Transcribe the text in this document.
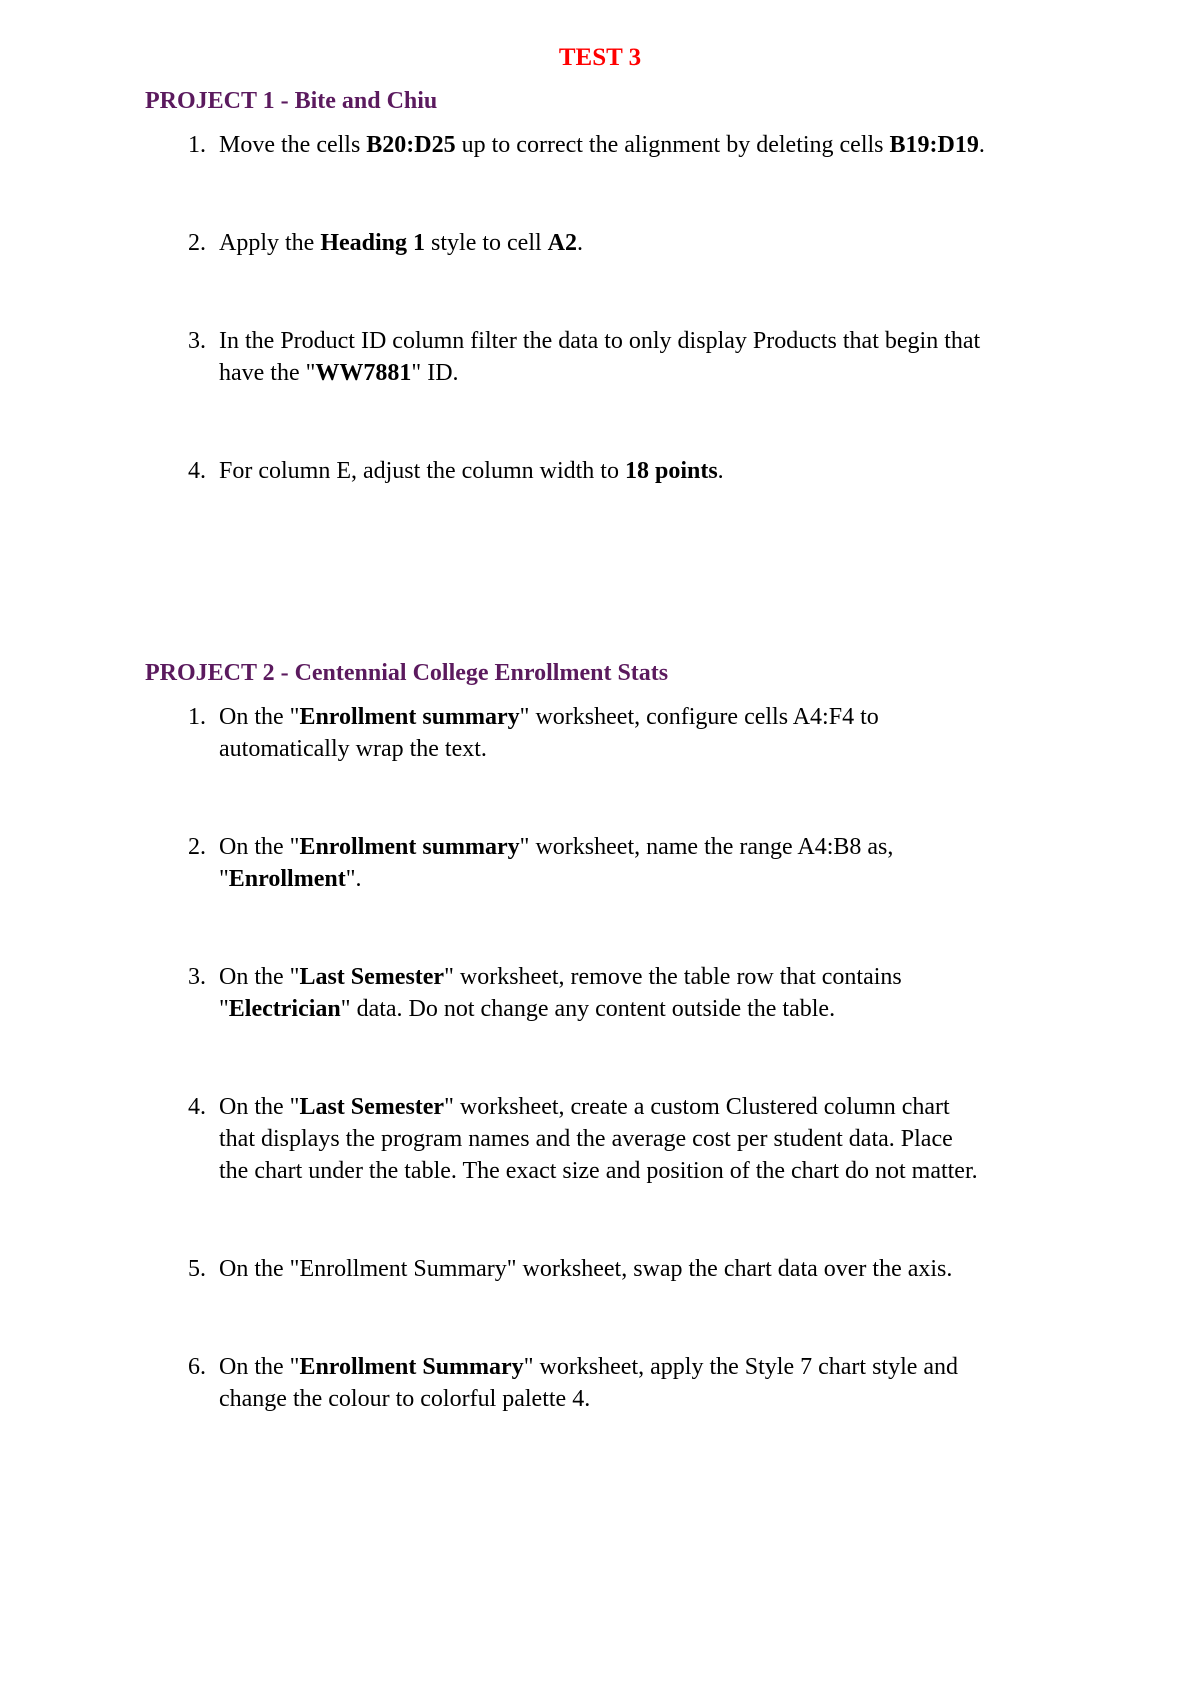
TEST 3
PROJECT 1 - Bite and Chiu
1. Move the cells B20:D25 up to correct the alignment by deleting cells B19:D19.
2. Apply the Heading 1 style to cell A2.
3. In the Product ID column filter the data to only display Products that begin that
have the "WW7881" ID.
4. For column E, adjust the column width to 18 points.
PROJECT 2 - Centennial College Enrollment Stats
1. On the "Enrollment summary" worksheet, configure cells A4:F4 to
automatically wrap the text.
2. On the "Enrollment summary" worksheet, name the range A4:B8 as,
"Enrollment".
3. On the "Last Semester" worksheet, remove the table row that contains
"Electrician" data. Do not change any content outside the table.
4. On the "Last Semester" worksheet, create a custom Clustered column chart
that displays the program names and the average cost per student data. Place
the chart under the table. The exact size and position of the chart do not matter.
5. On the "Enrollment Summary" worksheet, swap the chart data over the axis.
6. On the "Enrollment Summary" worksheet, apply the Style 7 chart style and
change the colour to colorful palette 4.
